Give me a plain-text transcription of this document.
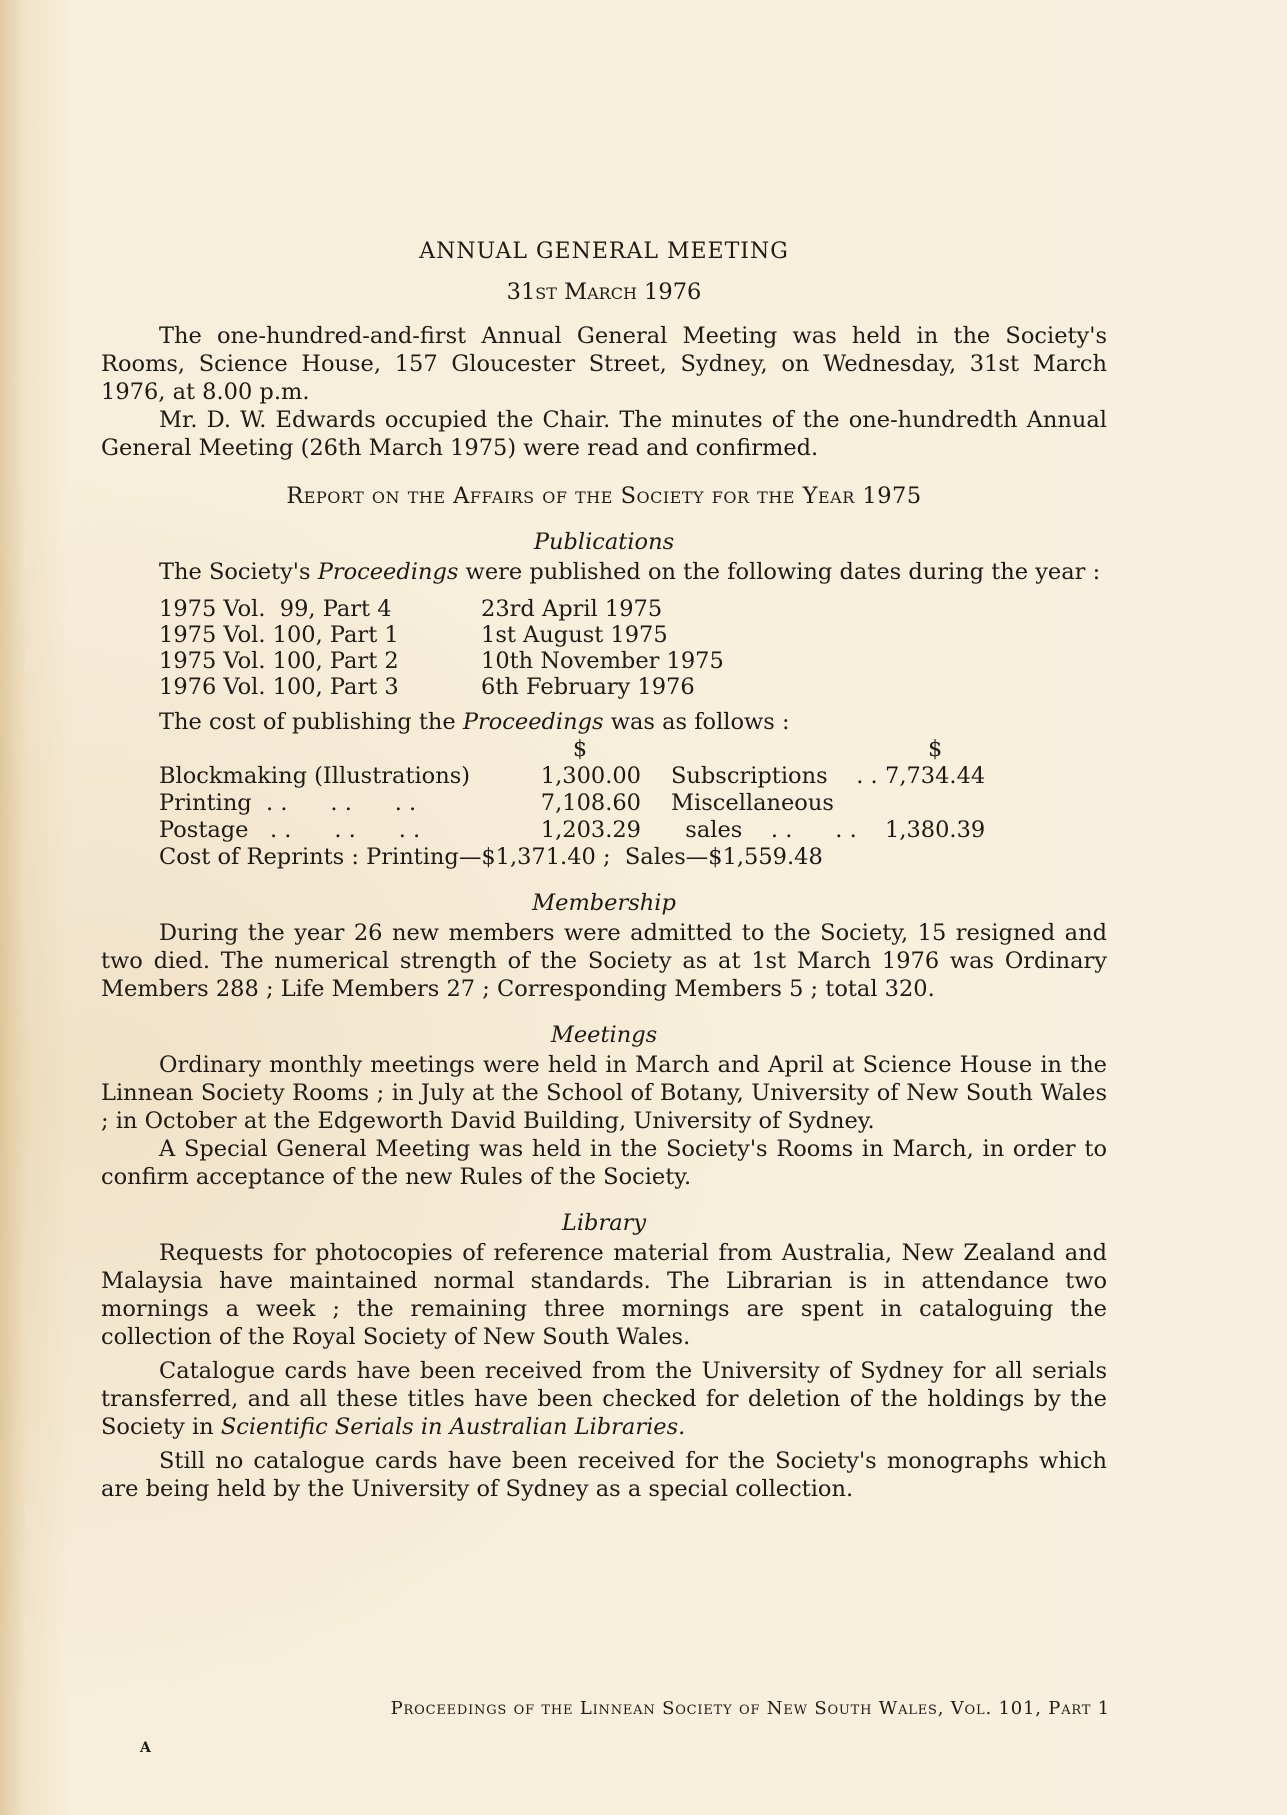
ANNUAL GENERAL MEETING
31st March 1976

The one-hundred-and-first Annual General Meeting was held in the Society's Rooms, Science House, 157 Gloucester Street, Sydney, on Wednesday, 31st March 1976, at 8.00 p.m.

Mr. D. W. Edwards occupied the Chair. The minutes of the one-hundredth Annual General Meeting (26th March 1975) were read and confirmed.

Report on the Affairs of the Society for the Year 1975
Publications

The Society's Proceedings were published on the following dates during the year :

1975 Vol.  99, Part 4	23rd April 1975
1975 Vol. 100, Part 1	1st August 1975
1975 Vol. 100, Part 2	10th November 1975
1976 Vol. 100, Part 3	6th February 1976

The cost of publishing the Proceedings was as follows :

	$		$
Blockmaking (Illustrations)	1,300.00	Subscriptions    . .	7,734.44
Printing  . .      . .      . .	7,108.60	Miscellaneous	
Postage   . .      . .      . .	1,203.29	sales    . .      . .	1,380.39
Cost of Reprints : Printing—$1,371.40 ;  Sales—$1,559.48			
Membership

During the year 26 new members were admitted to the Society, 15 resigned and two died. The numerical strength of the Society as at 1st March 1976 was Ordinary Members 288 ; Life Members 27 ; Corresponding Members 5 ; total 320.

Meetings

Ordinary monthly meetings were held in March and April at Science House in the Linnean Society Rooms ; in July at the School of Botany, University of New South Wales ; in October at the Edgeworth David Building, University of Sydney.

A Special General Meeting was held in the Society's Rooms in March, in order to confirm acceptance of the new Rules of the Society.

Library

Requests for photocopies of reference material from Australia, New Zealand and Malaysia have maintained normal standards. The Librarian is in attendance two mornings a week ; the remaining three mornings are spent in cataloguing the collection of the Royal Society of New South Wales.

Catalogue cards have been received from the University of Sydney for all serials transferred, and all these titles have been checked for deletion of the holdings by the Society in Scientific Serials in Australian Libraries.

Still no catalogue cards have been received for the Society's monographs which are being held by the University of Sydney as a special collection.

Proceedings of the Linnean Society of New South Wales, Vol. 101, Part 1
A
